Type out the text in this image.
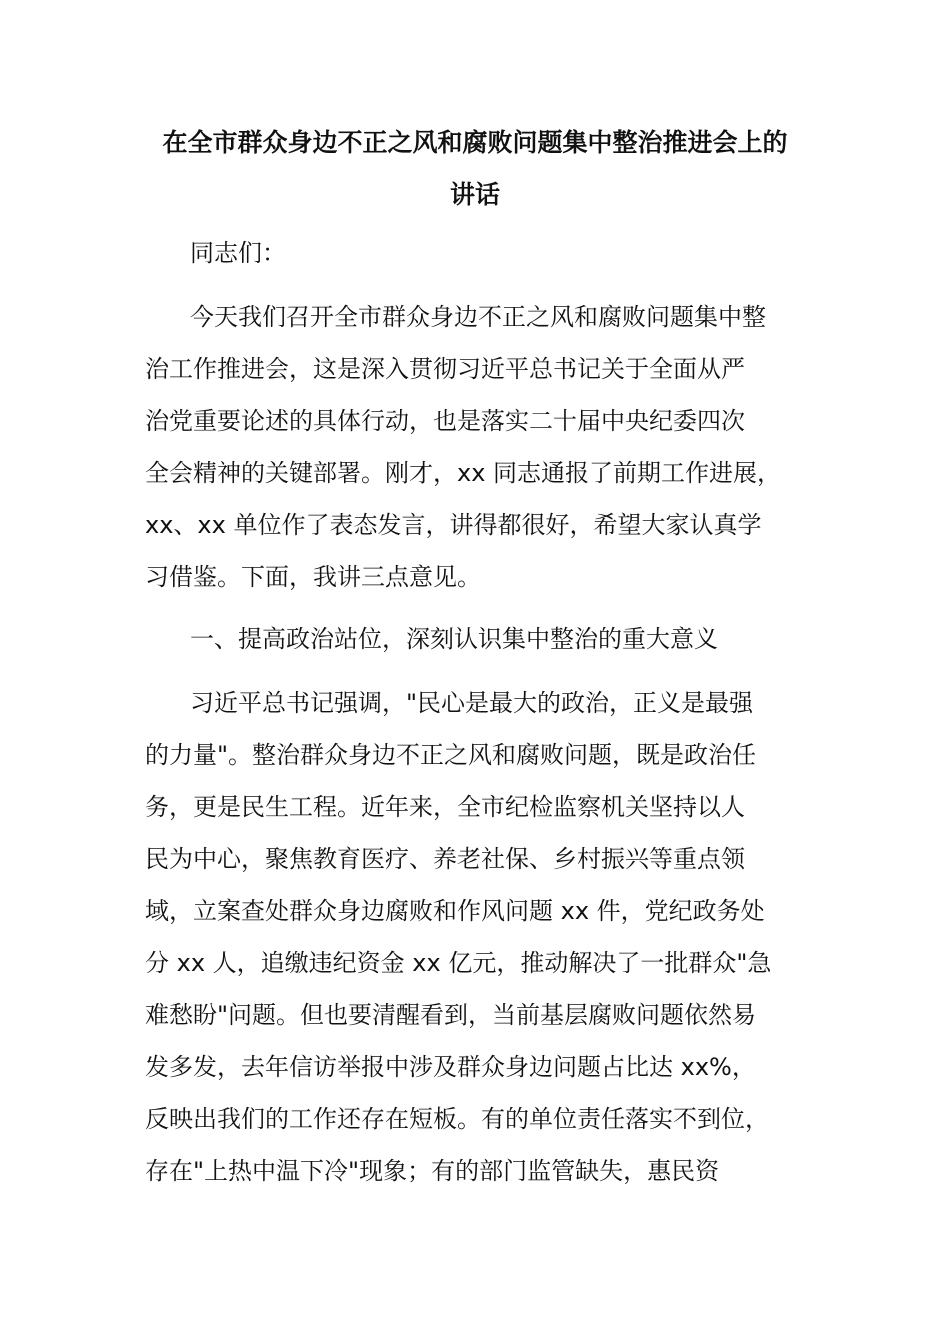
在全市群众身边不正之风和腐败问题集中整治推进会上的
讲话
同志们：
今天我们召开全市群众身边不正之风和腐败问题集中整
治工作推进会，这是深入贯彻习近平总书记关于全面从严
治党重要论述的具体行动，也是落实二十届中央纪委四次
全会精神的关键部署。刚才，xx 同志通报了前期工作进展，
xx、xx 单位作了表态发言，讲得都很好，希望大家认真学
习借鉴。下面，我讲三点意见。
一、提高政治站位，深刻认识集中整治的重大意义
习近平总书记强调，"民心是最大的政治，正义是最强
的力量"。整治群众身边不正之风和腐败问题，既是政治任
务，更是民生工程。近年来，全市纪检监察机关坚持以人
民为中心，聚焦教育医疗、养老社保、乡村振兴等重点领
域，立案查处群众身边腐败和作风问题 xx 件，党纪政务处
分 xx 人，追缴违纪资金 xx 亿元，推动解决了一批群众"急
难愁盼"问题。但也要清醒看到，当前基层腐败问题依然易
发多发，去年信访举报中涉及群众身边问题占比达 xx%，
反映出我们的工作还存在短板。有的单位责任落实不到位，
存在"上热中温下冷"现象；有的部门监管缺失，惠民资
